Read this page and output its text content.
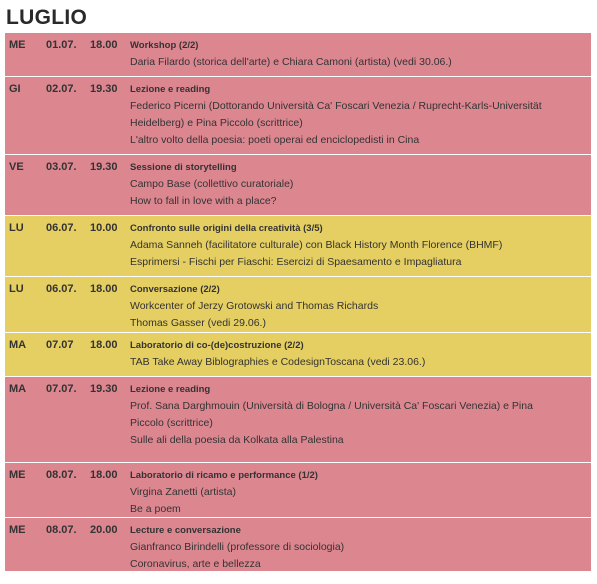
LUGLIO
ME 01.07. 18.00 Workshop (2/2)
Daria Filardo (storica dell'arte) e Chiara Camoni (artista) (vedi 30.06.)
GI 02.07. 19.30 Lezione e reading
Federico Picerni (Dottorando Università Ca' Foscari Venezia / Ruprecht-Karls-Universität
Heidelberg) e Pina Piccolo (scrittrice)
L'altro volto della poesia: poeti operai ed enciclopedisti in Cina
VE 03.07. 19.30 Sessione di storytelling
Campo Base (collettivo curatoriale)
How to fall in love with a place?
LU 06.07. 10.00 Confronto sulle origini della creatività (3/5)
Adama Sanneh (facilitatore culturale) con Black History Month Florence (BHMF)
Esprimersi - Fischi per Fiaschi: Esercizi di Spaesamento e Impagliatura
LU 06.07. 18.00 Conversazione (2/2)
Workcenter of Jerzy Grotowski and Thomas Richards
Thomas Gasser (vedi 29.06.)
MA 07.07 18.00 Laboratorio di co-(de)costruzione (2/2)
TAB Take Away Biblographies e CodesignToscana (vedi 23.06.)
MA 07.07. 19.30 Lezione e reading
Prof. Sana Darghmouin (Università di Bologna / Università Ca' Foscari Venezia) e Pina
Piccolo (scrittrice)
Sulle ali della poesia da Kolkata alla Palestina
ME 08.07. 18.00 Laboratorio di ricamo e performance (1/2)
Virgina Zanetti (artista)
Be a poem
ME 08.07. 20.00 Lecture e conversazione
Gianfranco Birindelli (professore di sociologia)
Coronavirus, arte e bellezza
